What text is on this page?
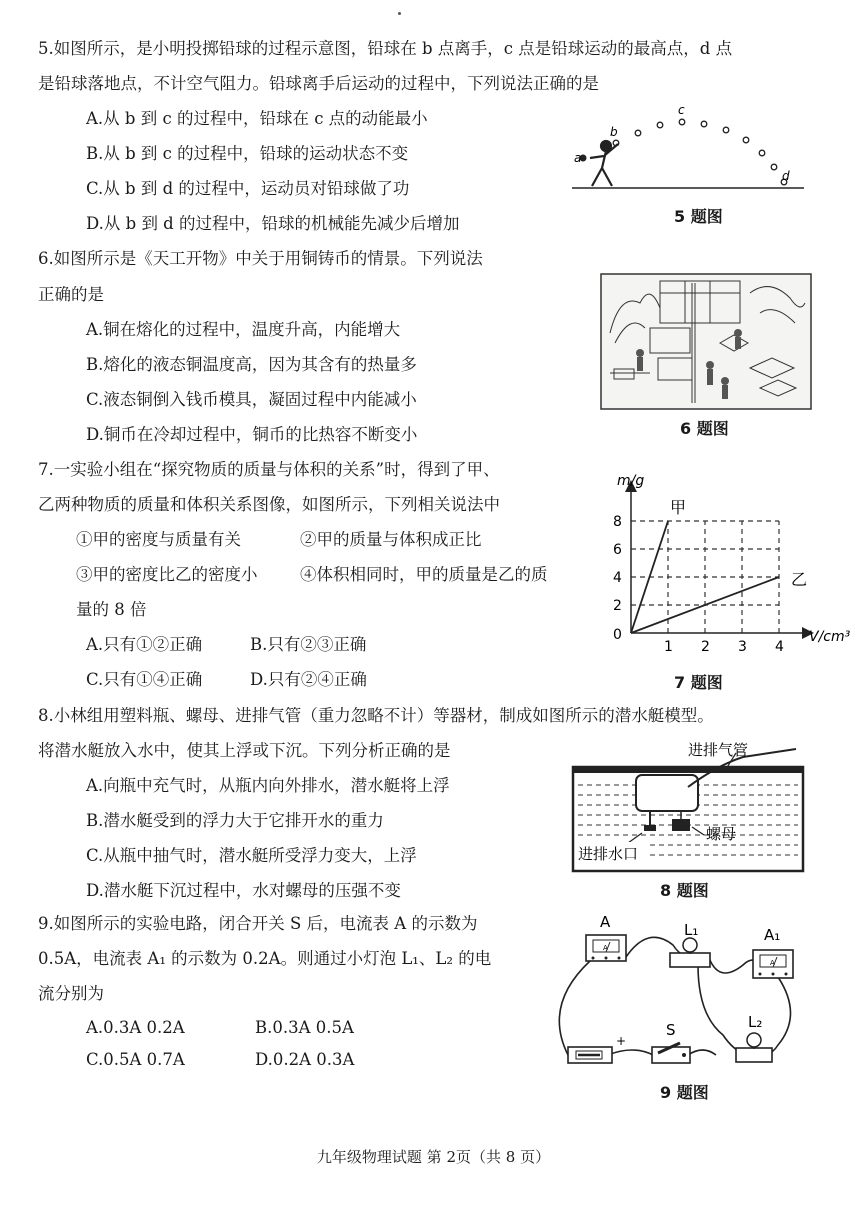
5.如图所示，是小明投掷铅球的过程示意图，铅球在 b 点离手，c 点是铅球运动的最高点，d 点
是铅球落地点，不计空气阻力。铅球离手后运动的过程中，下列说法正确的是
A.从 b 到 c 的过程中，铅球在 c 点的动能最小
B.从 b 到 c 的过程中，铅球的运动状态不变
C.从 b 到 d 的过程中，运动员对铅球做了功
D.从 b 到 d 的过程中，铅球的机械能先减少后增加
a
b
c
d
5 题图
6.如图所示是《天工开物》中关于用铜铸币的情景。下列说法
正确的是
A.铜在熔化的过程中，温度升高，内能增大
B.熔化的液态铜温度高，因为其含有的热量多
C.液态铜倒入钱币模具，凝固过程中内能减小
D.铜币在冷却过程中，铜币的比热容不断变小	6 题图
7.一实验小组在“探究物质的质量与体积的关系”时，得到了甲、
乙两种物质的质量和体积关系图像，如图所示，下列相关说法中
①甲的密度与质量有关	②甲的质量与体积成正比
③甲的密度比乙的密度小	④体积相同时，甲的质量是乙的质
量的 8 倍
A.只有①②正确	B.只有②③正确
C.只有①④正确	D.只有②④正确
1 2 3 4
2
4
6
8
甲
乙
m/g
V/cm³
0
7 题图
8.小林组用塑料瓶、螺母、进排气管（重力忽略不计）等器材，制成如图所示的潜水艇模型。
将潜水艇放入水中，使其上浮或下沉。下列分析正确的是
A.向瓶中充气时，从瓶内向外排水，潜水艇将上浮
B.潜水艇受到的浮力大于它排开水的重力
C.从瓶中抽气时，潜水艇所受浮力变大，上浮
D.潜水艇下沉过程中，水对螺母的压强不变
进排气管
螺母
进排水口
8 题图
9.如图所示的实验电路，闭合开关 S 后，电流表 A 的示数为
0.5A，电流表 A₁ 的示数为 0.2A。则通过小灯泡 L₁、L₂ 的电
流分别为
A.0.3A 0.2A	B.0.3A 0.5A
C.0.5A 0.7A	D.0.2A 0.3A
A
A
L₁	A₁
A
+
S	L₂
9 题图
九年级物理试题 第 2页（共 8 页）
